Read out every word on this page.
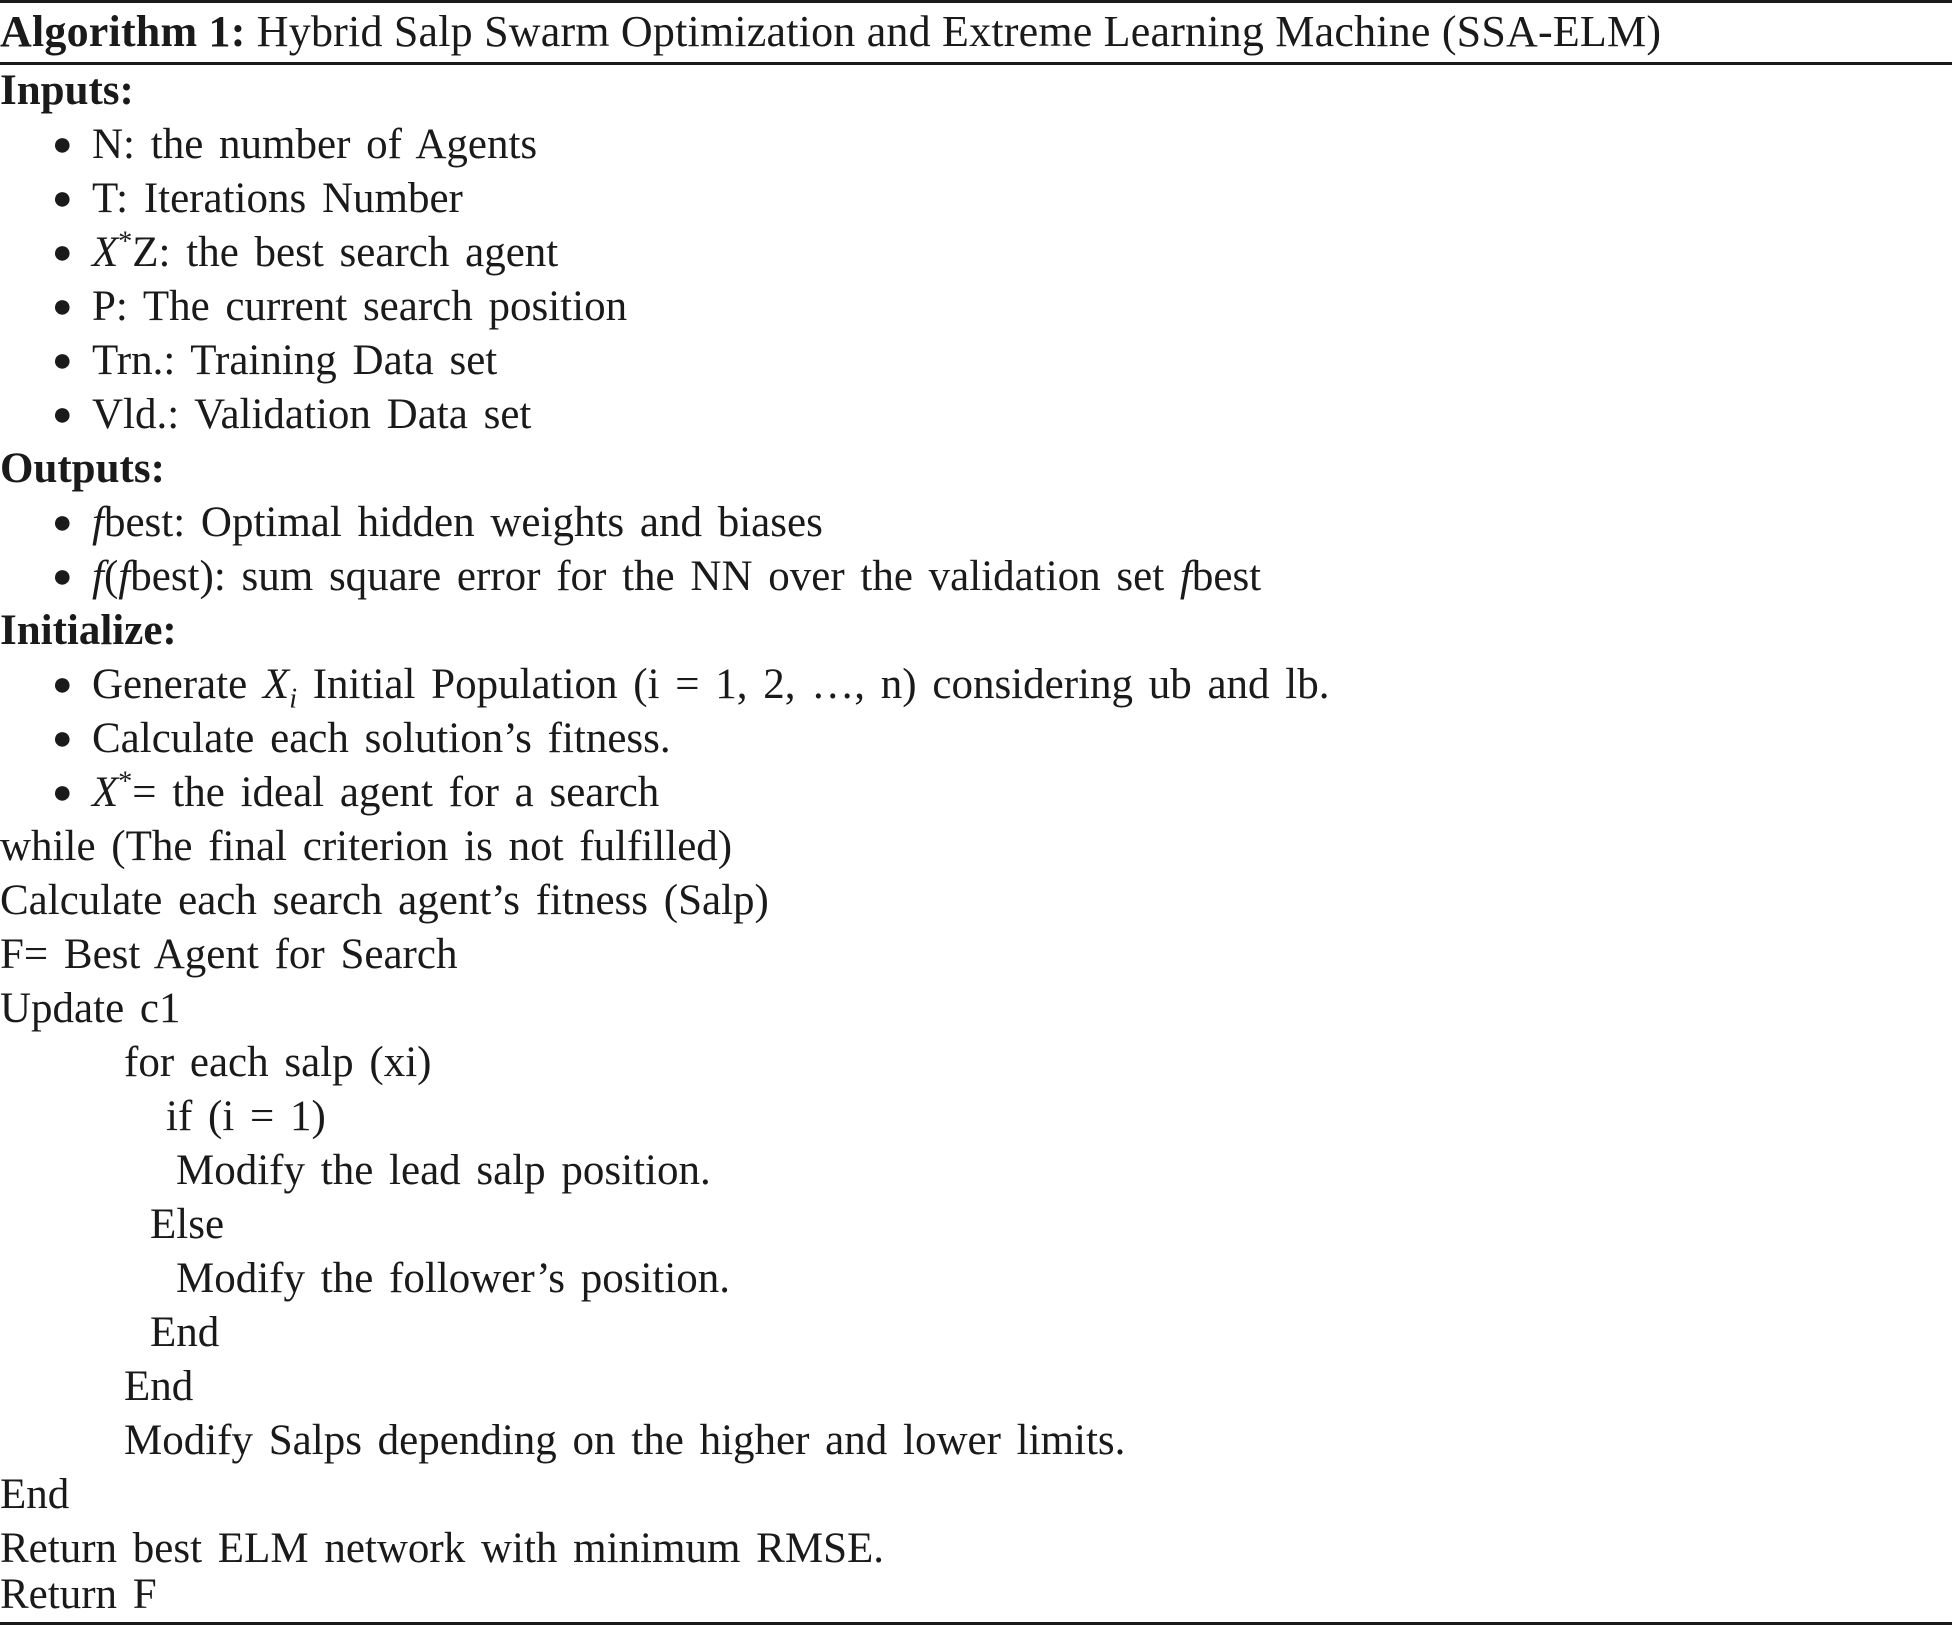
Algorithm 1: Hybrid Salp Swarm Optimization and Extreme Learning Machine (SSA-ELM)
Inputs:
● N: the number of Agents
● T: Iterations Number
● X*Z: the best search agent
● P: The current search position
● Trn.: Training Data set
● Vld.: Validation Data set
Outputs:
● fbest: Optimal hidden weights and biases
● f(fbest): sum square error for the NN over the validation set fbest
Initialize:
● Generate $X_i$ Initial Population (i = 1, 2, …, n) considering ub and lb.
● Calculate each solution’s fitness.
● X*= the ideal agent for a search
while (The final criterion is not fulfilled)
Calculate each search agent’s fitness (Salp)
F= Best Agent for Search
Update c1
for each salp (xi)
if (i = 1)
Modify the lead salp position.
Else
Modify the follower’s position.
End
End
Modify Salps depending on the higher and lower limits.
End
Return best ELM network with minimum RMSE.
Return F
